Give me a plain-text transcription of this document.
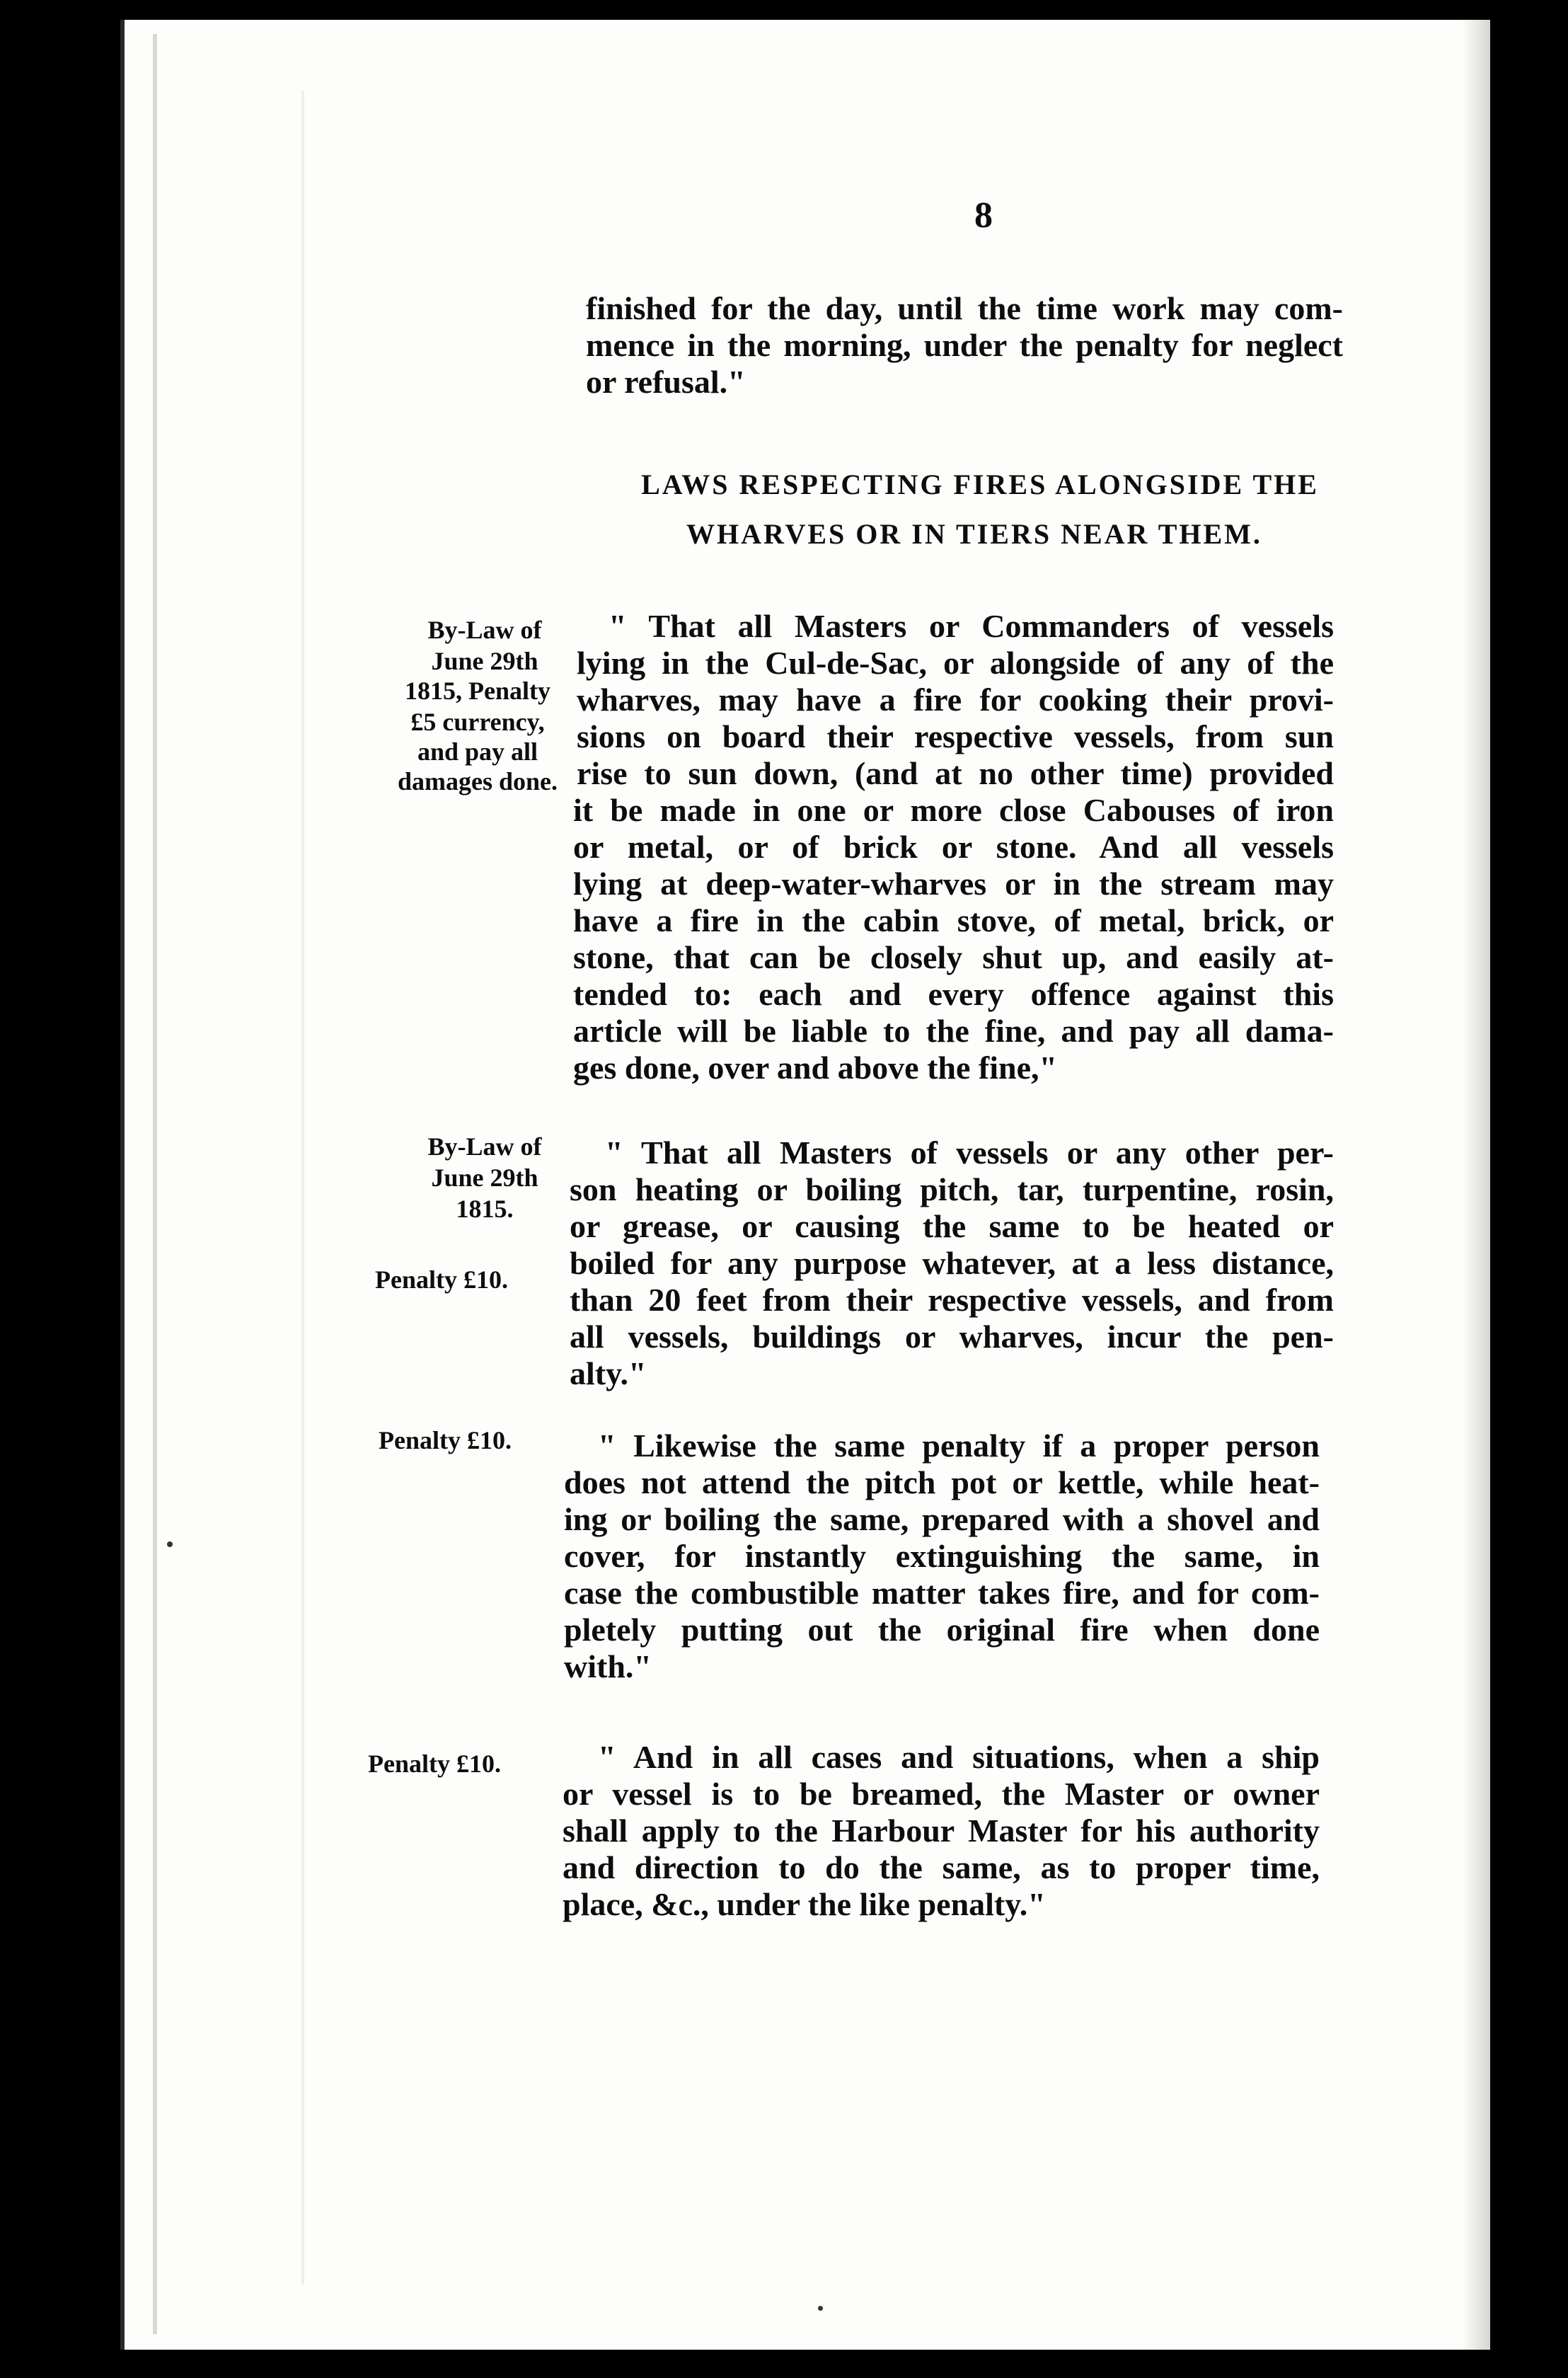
8
finished for the day, until the time work may com-
mence in the morning, under the penalty for neglect
or refusal."
LAWS RESPECTING FIRES ALONGSIDE THE
WHARVES OR IN TIERS NEAR THEM.
By-Law of
June 29th
1815, Penalty
£5 currency,
and pay all
damages done.
" That all Masters or Commanders of vessels
lying in the Cul-de-Sac, or alongside of any of the
wharves, may have a fire for cooking their provi-
sions on board their respective vessels, from sun
rise to sun down, (and at no other time) provided
it be made in one or more close Cabouses of iron
or metal, or of brick or stone. And all vessels
lying at deep-water-wharves or in the stream may
have a fire in the cabin stove, of metal, brick, or
stone, that can be closely shut up, and easily at-
tended to: each and every offence against this
article will be liable to the fine, and pay all dama-
ges done, over and above the fine,"
By-Law of
June 29th
1815.
Penalty £10.
" That all Masters of vessels or any other per-
son heating or boiling pitch, tar, turpentine, rosin,
or grease, or causing the same to be heated or
boiled for any purpose whatever, at a less distance,
than 20 feet from their respective vessels, and from
all vessels, buildings or wharves, incur the pen-
alty."
Penalty £10.	" Likewise the same penalty if a proper person
does not attend the pitch pot or kettle, while heat-
ing or boiling the same, prepared with a shovel and
cover, for instantly extinguishing the same, in
case the combustible matter takes fire, and for com-
pletely putting out the original fire when done
with."
Penalty £10.	" And in all cases and situations, when a ship
or vessel is to be breamed, the Master or owner
shall apply to the Harbour Master for his authority
and direction to do the same, as to proper time,
place, &c., under the like penalty."
